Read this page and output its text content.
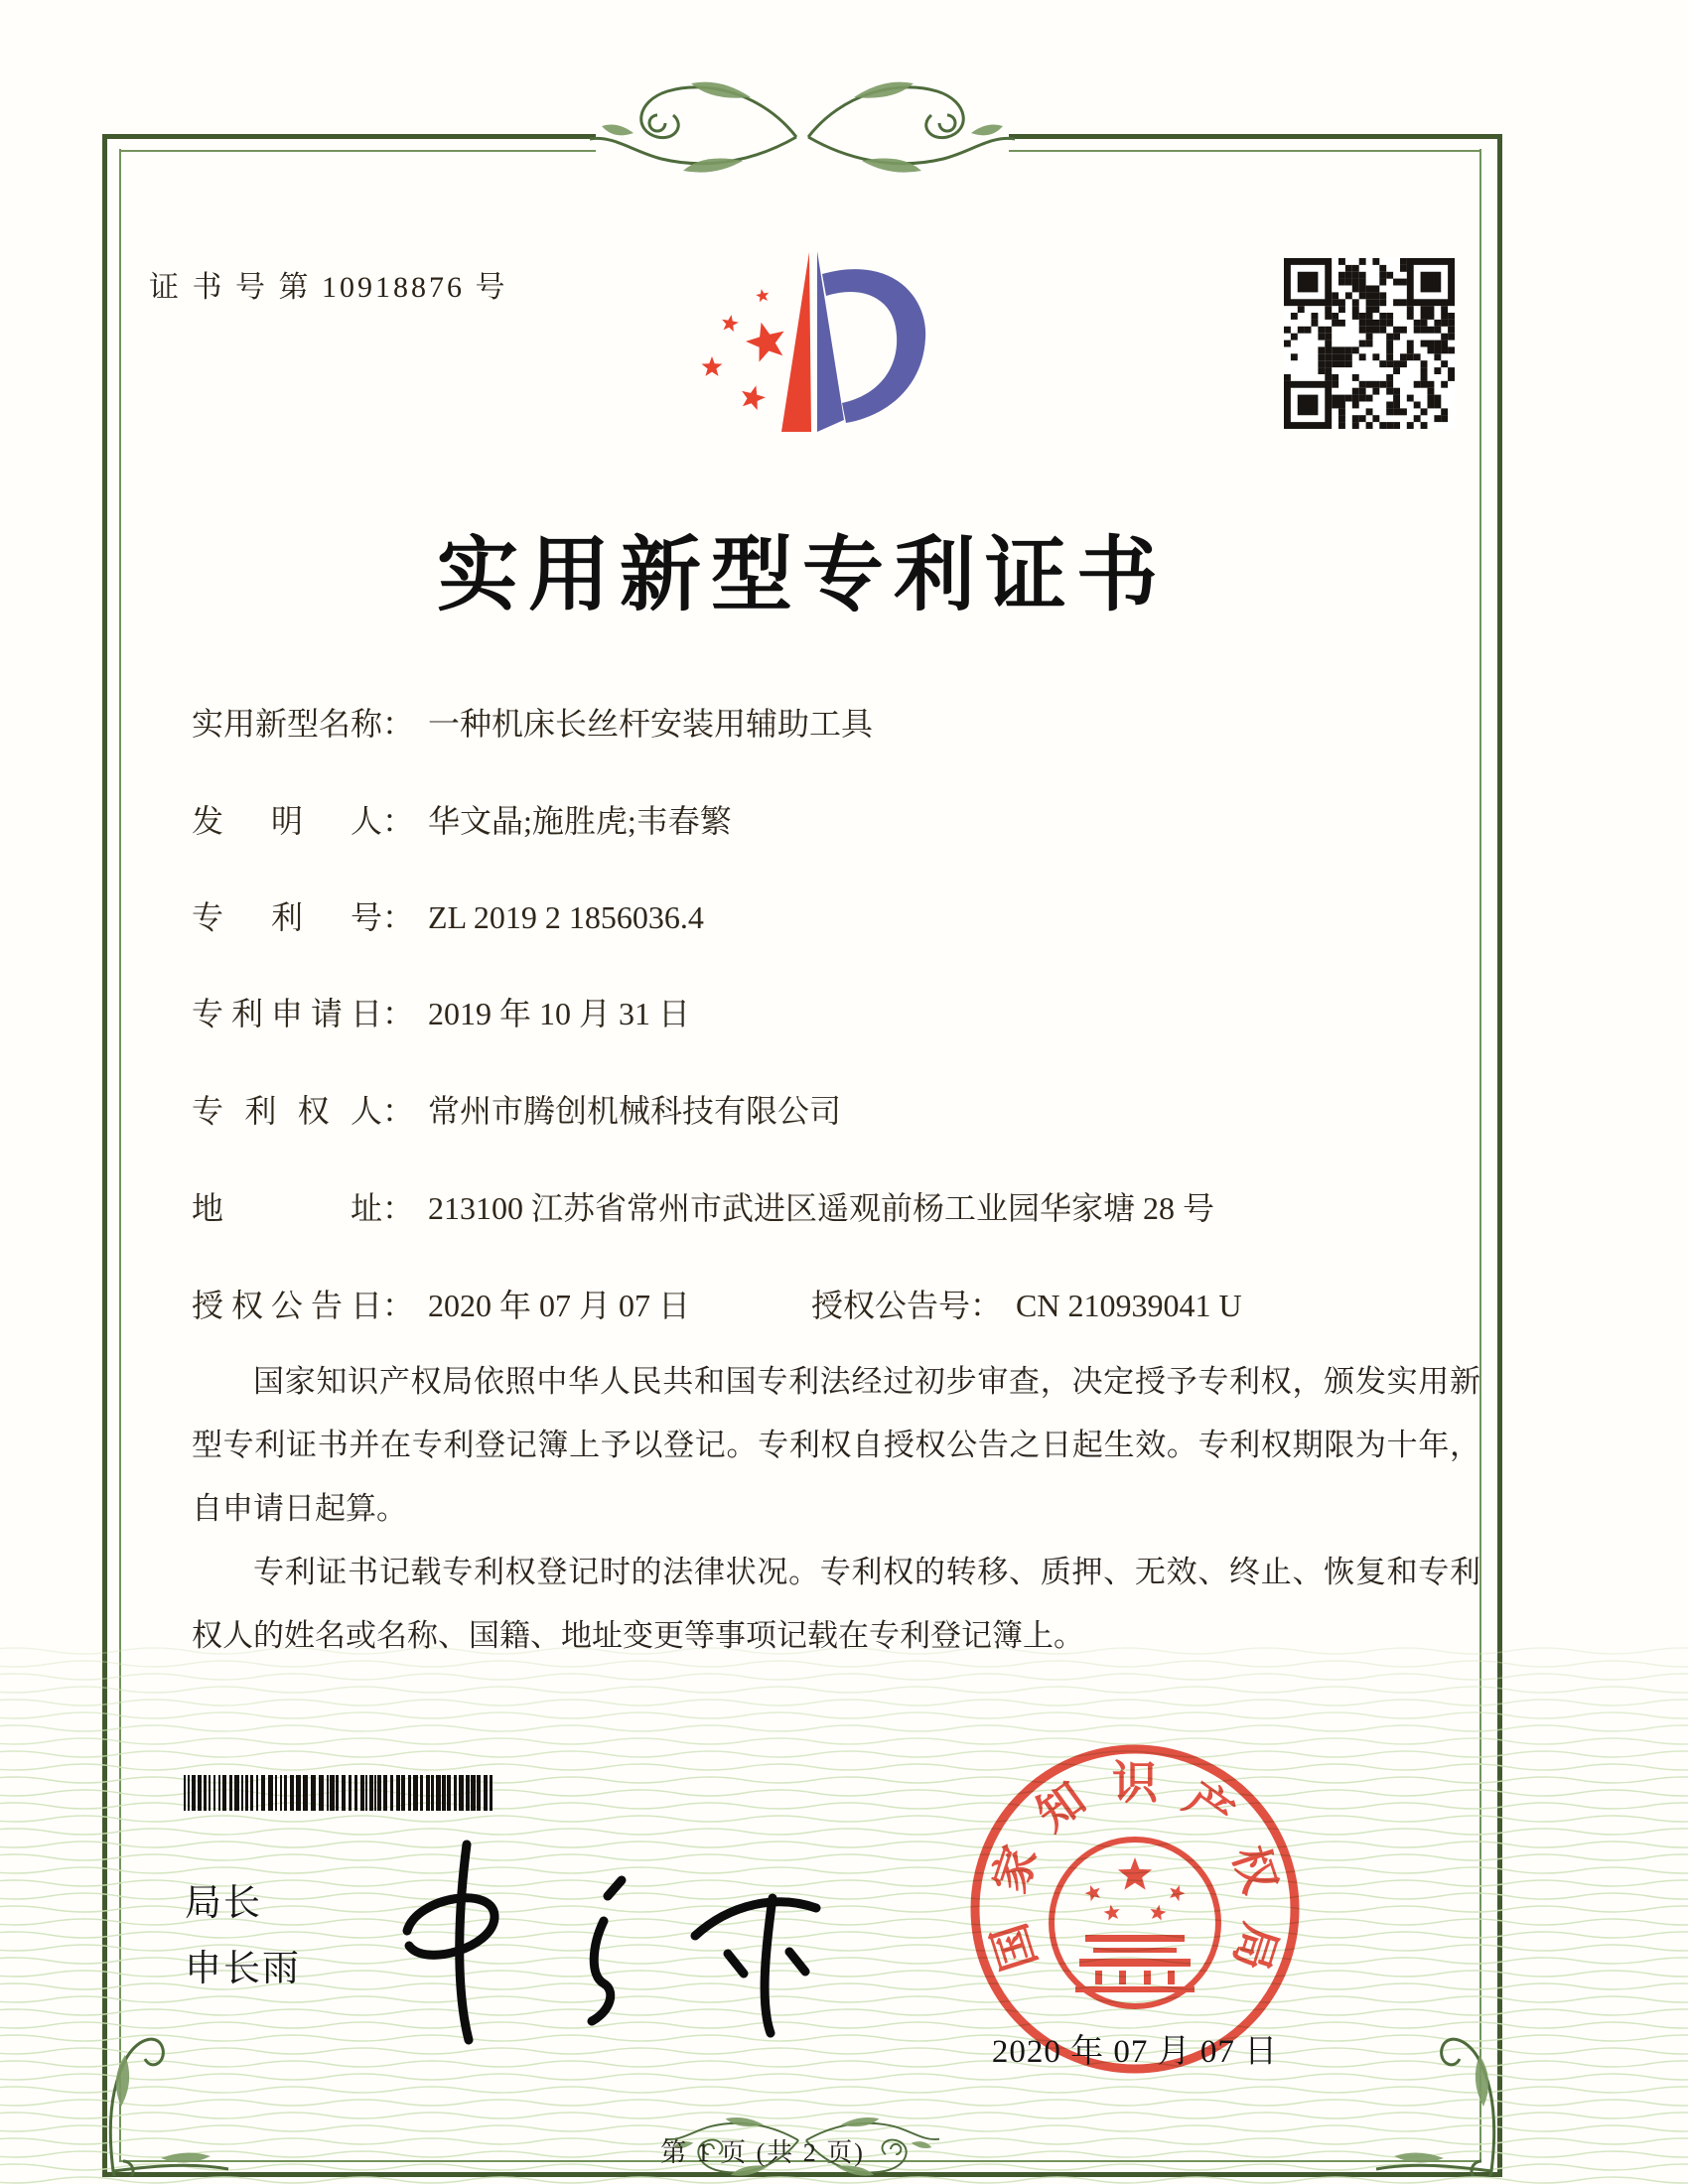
证 书 号 第 10918876 号
实用新型专利证书
实用新型名称： 一种机床长丝杆安装用辅助工具
发明人： 华文晶;施胜虎;韦春繁
专利号： ZL 2019 2 1856036.4
专利申请日： 2019 年 10 月 31 日
专利权人： 常州市腾创机械科技有限公司
地址： 213100 江苏省常州市武进区遥观前杨工业园华家塘 28 号
授权公告日： 2020 年 07 月 07 日	授权公告号： CN 210939041 U

国家知识产权局依照中华人民共和国专利法经过初步审查，决定授予专利权，颁发实用新型专利证书并在专利登记簿上予以登记。专利权自授权公告之日起生效。专利权期限为十年，自申请日起算。

专利证书记载专利权登记时的法律状况。专利权的转移、质押、无效、终止、恢复和专利权人的姓名或名称、国籍、地址变更等事项记载在专利登记簿上。

局长
申长雨	国
家
知 识 产
权
局
2020 年 07 月 07 日
第 1 页 (共 2 页)
